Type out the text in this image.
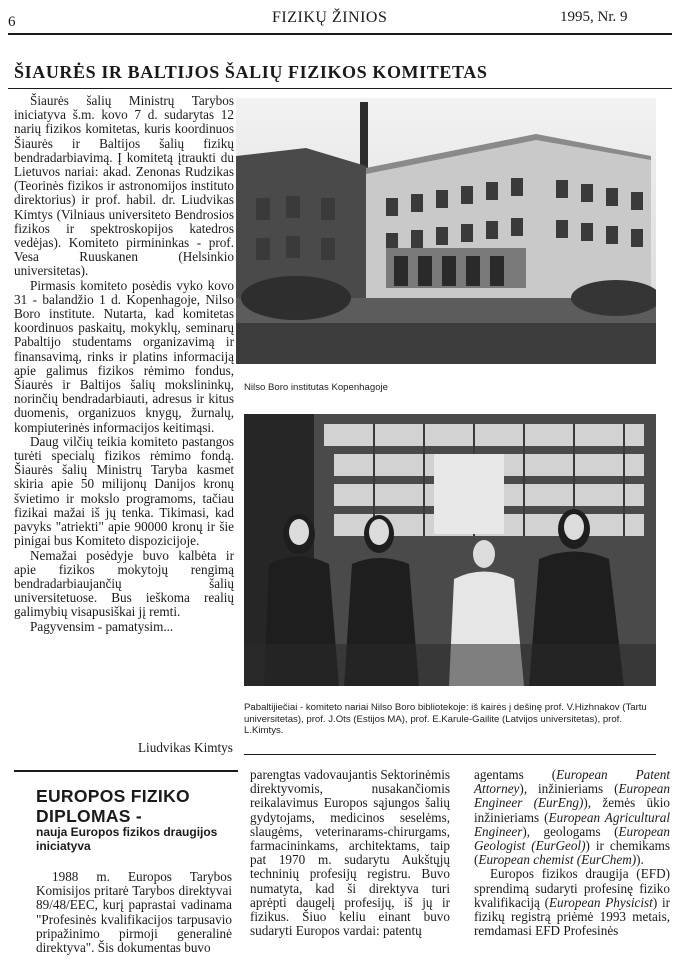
6	FIZIKŲ ŽINIOS	1995, Nr. 9
ŠIAURĖS IR BALTIJOS ŠALIŲ FIZIKOS KOMITETAS

Šiaurės šalių Ministrų Tarybos iniciatyva š.m. kovo 7 d. sudarytas 12 narių fizikos komitetas, kuris koordinuos Šiaurės ir Baltijos šalių fizikų bendradarbiavimą. Į komitetą įtraukti du Lietuvos nariai: akad. Zenonas Rudzikas (Teorinės fizikos ir astronomijos instituto direktorius) ir prof. habil. dr. Liudvikas Kimtys (Vilniaus universiteto Bendrosios fizikos ir spektroskopijos katedros vedėjas). Komiteto pirmininkas - prof. Vesa Ruuskanen (Helsinkio universitetas).

Pirmasis komiteto posėdis vyko kovo 31 - balandžio 1 d. Kopenhagoje, Nilso Boro institute. Nutarta, kad komitetas koordinuos paskaitų, mokyklų, seminarų Pabaltijo studentams organizavimą ir finansavimą, rinks ir platins informaciją apie galimus fizikos rėmimo fondus, Šiaurės ir Baltijos šalių mokslininkų, norinčių bendradarbiauti, adresus ir kitus duomenis, organizuos knygų, žurnalų, kompiuterinės informacijos keitimąsi.

Daug vilčių teikia komiteto pastangos turėti specialų fizikos rėmimo fondą. Šiaurės šalių Ministrų Taryba kasmet skiria apie 50 milijonų Danijos kronų švietimo ir mokslo programoms, tačiau fizikai mažai iš jų tenka. Tikimasi, kad pavyks "atriekti" apie 90000 kronų ir šie pinigai bus Komiteto dispozicijoje.

Nemažai posėdyje buvo kalbėta ir apie fizikos mokytojų rengimą bendradarbiaujančių šalių universitetuose. Bus ieškoma realių galimybių visapusiškai jį remti.

Pagyvensim - pamatysim...

Liudvikas Kimtys
Nilso Boro institutas Kopenhagoje
Pabaltijiečiai - komiteto nariai Nilso Boro bibliotekoje: iš kairės į dešinę prof. V.Hizhnakov (Tartu universitetas), prof. J.Ots (Estijos MA), prof. E.Karule-Gailite (Latvijos universitetas), prof. L.Kimtys.
EUROPOS FIZIKO
DIPLOMAS -
nauja Europos fizikos draugijos iniciatyva

1988 m. Europos Tarybos Komisijos pritarė Tarybos direktyvai 89/48/EEC, kurį paprastai vadinama "Profesinės kvalifikacijos tarpusavio pripažinimo pirmoji generalinė direktyva". Šis dokumentas buvo

parengtas vadovaujantis Sektorinėmis direktyvomis, nusakančiomis reikalavimus Europos sąjungos šalių gydytojams, medicinos seselėms, slaugėms, veterinarams-chirurgams, farmacininkams, architektams, taip pat 1970 m. sudarytu Aukštųjų techninių profesijų registru. Buvo numatyta, kad ši direktyva turi aprėpti daugelį profesijų, iš jų ir fizikus. Šiuo keliu einant buvo sudaryti Europos vardai: patentų

agentams (European Patent Attorney), inžinieriams (European Engineer (EurEng)), žemės ūkio inžinieriams (European Agricultural Engineer), geologams (European Geologist (EurGeol)) ir chemikams (European chemist (EurChem)).

Europos fizikos draugija (EFD) sprendimą sudaryti profesinę fiziko kvalifikaciją (European Physicist) ir fizikų registrą priėmė 1993 metais, remdamasi EFD Profesinės
